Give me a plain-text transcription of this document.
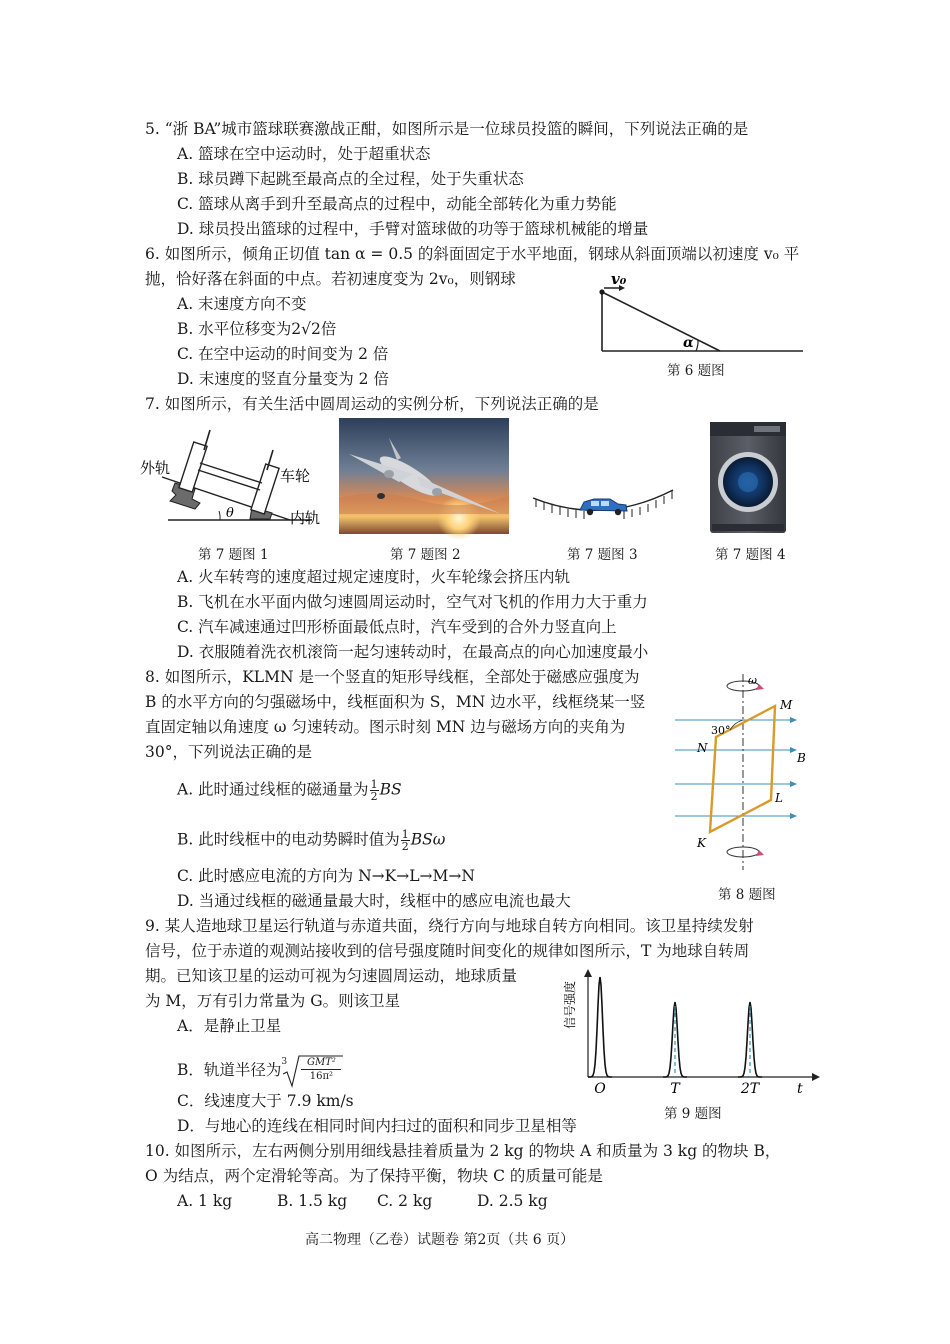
5. “浙 BA”城市篮球联赛激战正酣，如图所示是一位球员投篮的瞬间，下列说法正确的是
A. 篮球在空中运动时，处于超重状态
B. 球员蹲下起跳至最高点的全过程，处于失重状态
C. 篮球从离手到升至最高点的过程中，动能全部转化为重力势能
D. 球员投出篮球的过程中，手臂对篮球做的功等于篮球机械能的增量
6. 如图所示，倾角正切值 tan α = 0.5 的斜面固定于水平地面，钢球从斜面顶端以初速度 v₀ 平
抛，恰好落在斜面的中点。若初速度变为 2v₀，则钢球
A. 末速度方向不变
B. 水平位移变为2√2倍
C. 在空中运动的时间变为 2 倍
D. 末速度的竖直分量变为 2 倍
v₀
α
第 6 题图
7. 如图所示，有关生活中圆周运动的实例分析，下列说法正确的是
θ
外轨	车轮
内轨
第 7 题图 1	第 7 题图 2	第 7 题图 3	第 7 题图 4
A. 火车转弯的速度超过规定速度时，火车轮缘会挤压内轨
B. 飞机在水平面内做匀速圆周运动时，空气对飞机的作用力大于重力
C. 汽车减速通过凹形桥面最低点时，汽车受到的合外力竖直向上
D. 衣服随着洗衣机滚筒一起匀速转动时，在最高点的向心加速度最小
8. 如图所示，KLMN 是一个竖直的矩形导线框，全部处于磁感应强度为
B 的水平方向的匀强磁场中，线框面积为 S，MN 边水平，线框绕某一竖
直固定轴以角速度 ω 匀速转动。图示时刻 MN 边与磁场方向的夹角为
30°，下列说法正确的是
A. 此时通过线框的磁通量为 $\frac{1}{2}$ BS
B. 此时线框中的电动势瞬时值为 $\frac{1}{2}$ BSω
C. 此时感应电流的方向为 N→K→L→M→N
D. 当通过线框的磁通量最大时，线框中的感应电流也最大
ω
30°
M
N
B
L
K
第 8 题图
9. 某人造地球卫星运行轨道与赤道共面，绕行方向与地球自转方向相同。该卫星持续发射
信号，位于赤道的观测站接收到的信号强度随时间变化的规律如图所示，T 为地球自转周
期。已知该卫星的运动可视为匀速圆周运动，地球质量
为 M，万有引力常量为 G。则该卫星
A．是静止卫星
B．轨道半径为 3	GMT²
16π²
C．线速度大于 7.9 km/s
D．与地心的连线在相同时间内扫过的面积和同步卫星相等
信号强度
O	T	2T	t
第 9 题图
10. 如图所示，左右两侧分别用细线悬挂着质量为 2 kg 的物块 A 和质量为 3 kg 的物块 B，
O 为结点，两个定滑轮等高。为了保持平衡，物块 C 的质量可能是
A. 1 kg	B. 1.5 kg C. 2 kg	D. 2.5 kg
高二物理（乙卷）试题卷 第2页（共 6 页）
